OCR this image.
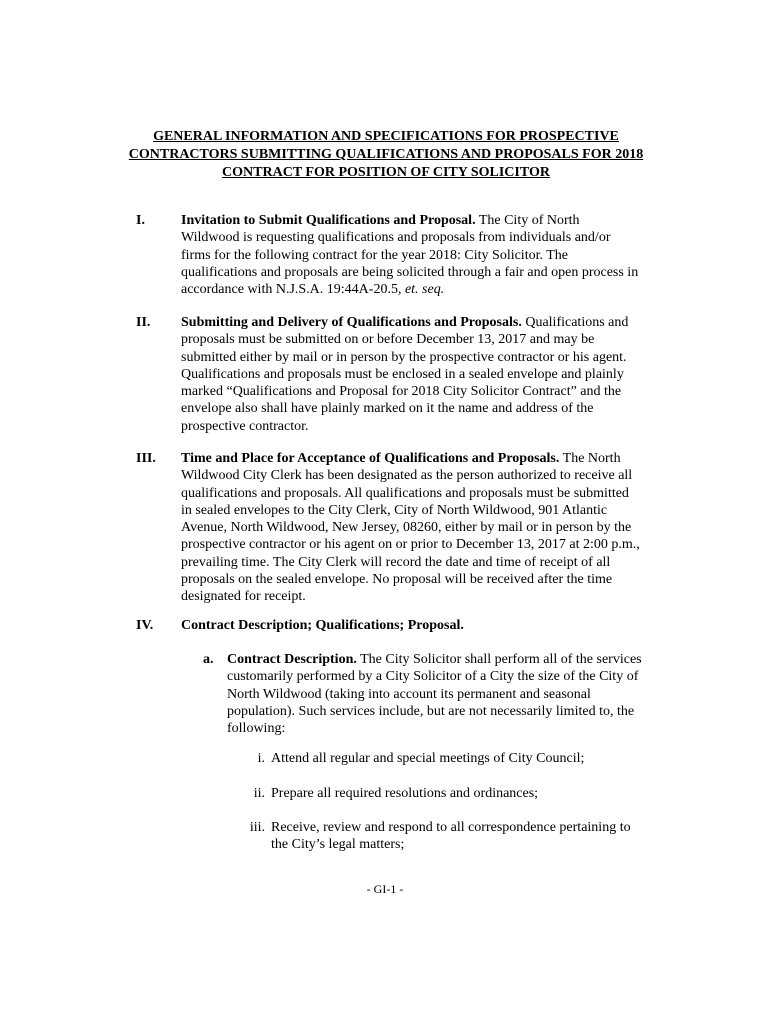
GENERAL INFORMATION AND SPECIFICATIONS FOR PROSPECTIVE
CONTRACTORS SUBMITTING QUALIFICATIONS AND PROPOSALS FOR 2018
CONTRACT FOR POSITION OF CITY SOLICITOR
I.	Invitation to Submit Qualifications and Proposal. The City of North
Wildwood is requesting qualifications and proposals from individuals and/or
firms for the following contract for the year 2018: City Solicitor. The
qualifications and proposals are being solicited through a fair and open process in
accordance with N.J.S.A. 19:44A-20.5, et. seq.
II. Submitting and Delivery of Qualifications and Proposals. Qualifications and
proposals must be submitted on or before December 13, 2017 and may be
submitted either by mail or in person by the prospective contractor or his agent.
Qualifications and proposals must be enclosed in a sealed envelope and plainly
marked “Qualifications and Proposal for 2018 City Solicitor Contract” and the
envelope also shall have plainly marked on it the name and address of the
prospective contractor.
III. Time and Place for Acceptance of Qualifications and Proposals. The North
Wildwood City Clerk has been designated as the person authorized to receive all
qualifications and proposals. All qualifications and proposals must be submitted
in sealed envelopes to the City Clerk, City of North Wildwood, 901 Atlantic
Avenue, North Wildwood, New Jersey, 08260, either by mail or in person by the
prospective contractor or his agent on or prior to December 13, 2017 at 2:00 p.m.,
prevailing time. The City Clerk will record the date and time of receipt of all
proposals on the sealed envelope. No proposal will be received after the time
designated for receipt.
IV. Contract Description; Qualifications; Proposal.
a. Contract Description. The City Solicitor shall perform all of the services
customarily performed by a City Solicitor of a City the size of the City of
North Wildwood (taking into account its permanent and seasonal
population). Such services include, but are not necessarily limited to, the
following:
i. Attend all regular and special meetings of City Council;
ii. Prepare all required resolutions and ordinances;
iii. Receive, review and respond to all correspondence pertaining to
the City’s legal matters;
- GI-1 -
